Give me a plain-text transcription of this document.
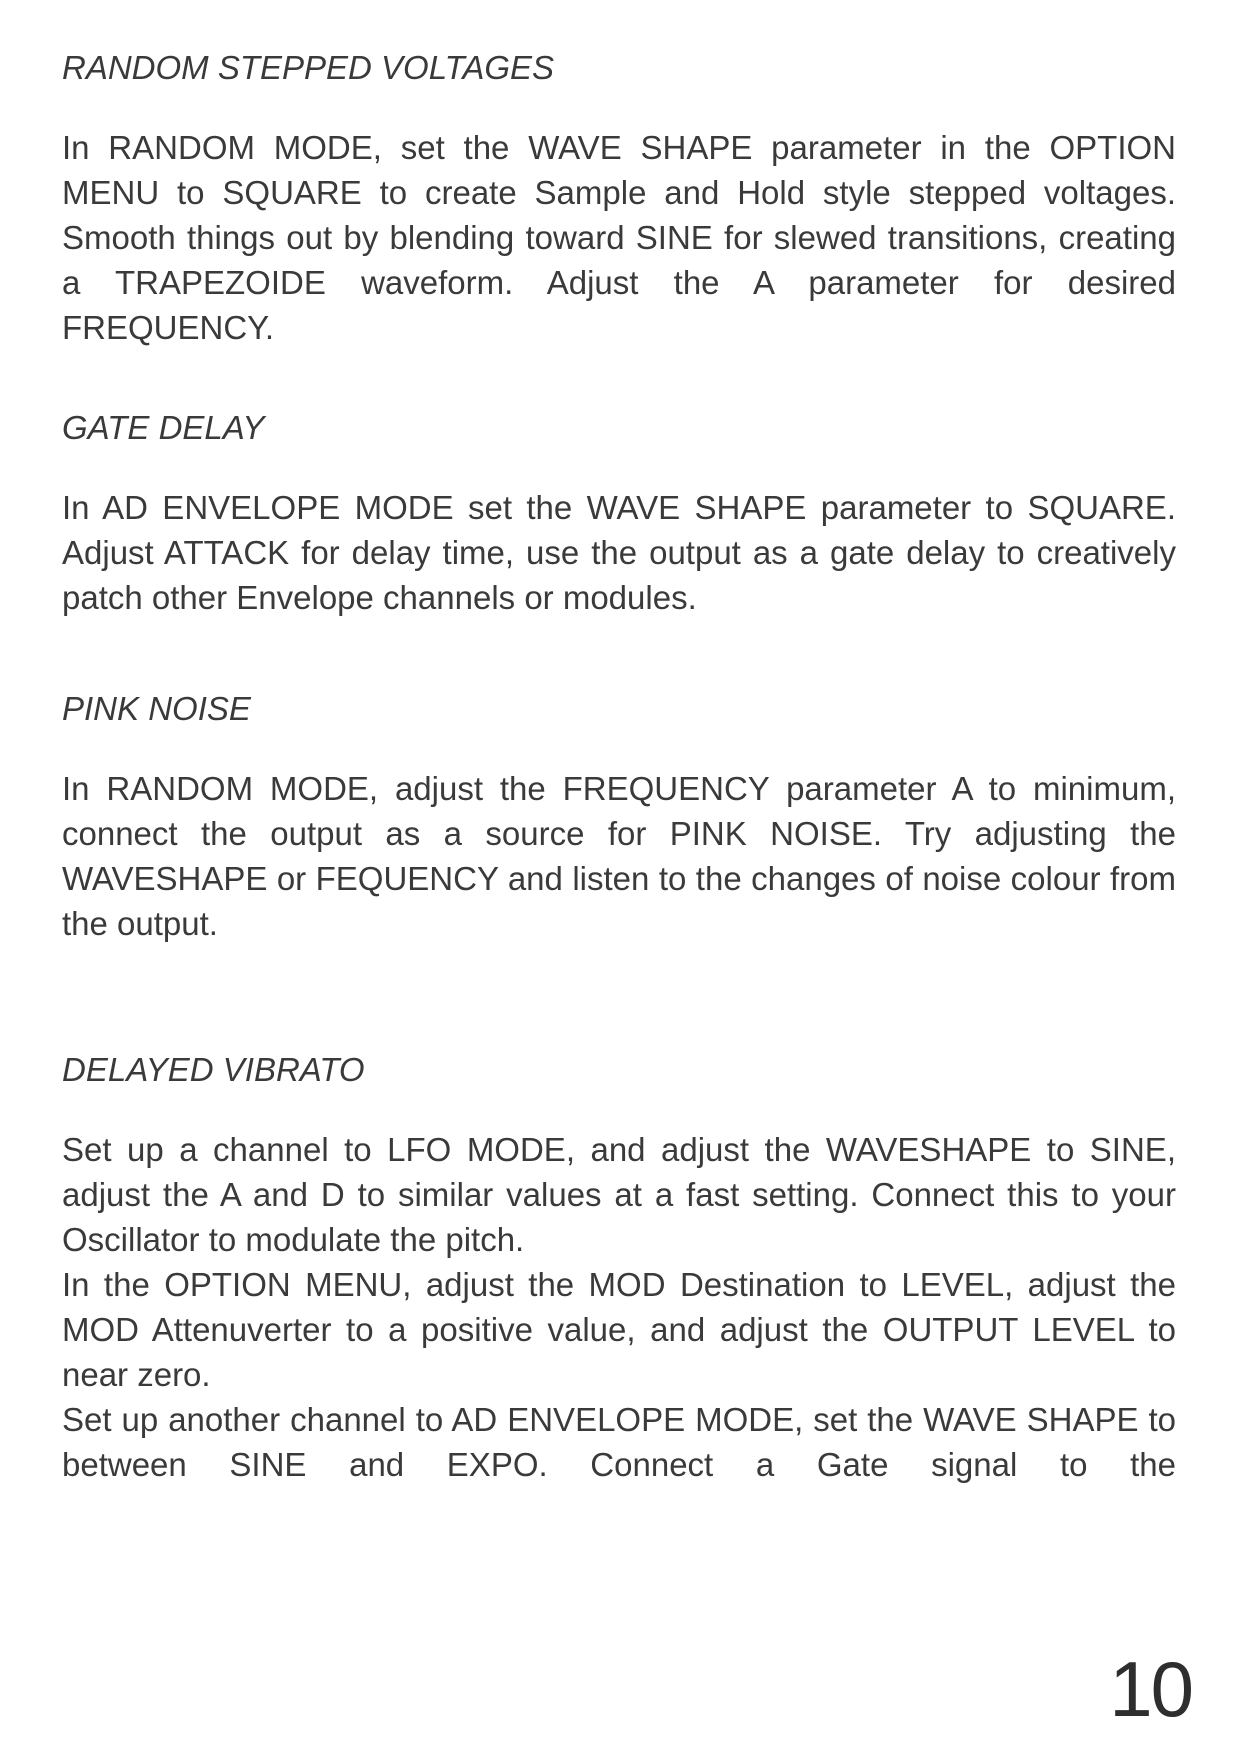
RANDOM STEPPED VOLTAGES

In RANDOM MODE, set the WAVE SHAPE parameter in the OPTION MENU to SQUARE to create Sample and Hold style stepped voltages. Smooth things out by blending toward SINE for slewed transitions, creating a TRAPEZOIDE waveform. Adjust the A parameter for desired FREQUENCY.

GATE DELAY

In AD ENVELOPE MODE set the WAVE SHAPE parameter to SQUARE. Adjust ATTACK for delay time, use the output as a gate delay to creatively patch other Envelope channels or modules.

PINK NOISE

In RANDOM MODE, adjust the FREQUENCY parameter A to minimum, connect the output as a source for PINK NOISE. Try adjusting the WAVESHAPE or FEQUENCY and listen to the changes of noise colour from the output.

DELAYED VIBRATO

Set up a channel to LFO MODE, and adjust the WAVESHAPE to SINE, adjust the A and D to similar values at a fast setting. Connect this to your Oscillator to modulate the pitch.

In the OPTION MENU, adjust the MOD Destination to LEVEL, adjust the MOD Attenuverter to a positive value, and adjust the OUTPUT LEVEL to near zero.

Set up another channel to AD ENVELOPE MODE, set the WAVE SHAPE to between SINE and EXPO. Connect a Gate signal to the

10
